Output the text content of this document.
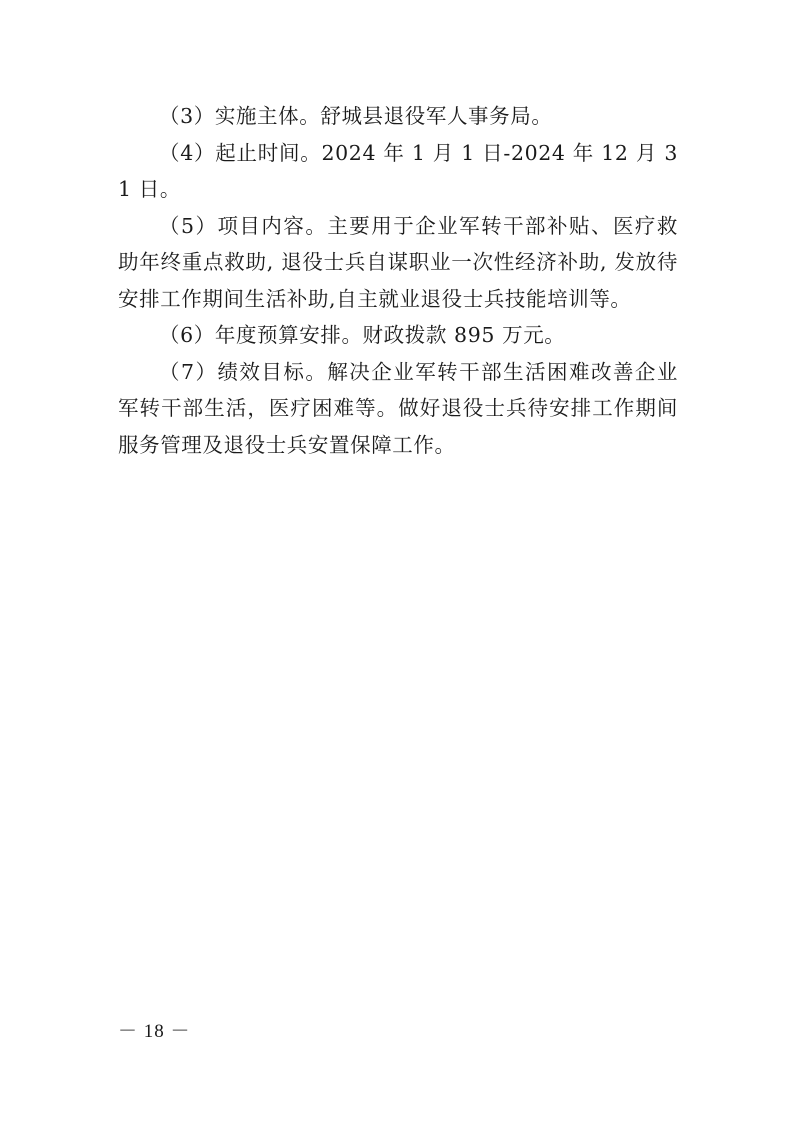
（3）实施主体。舒城县退役军人事务局。

（4）起止时间。2024 年 1 月 1 日-2024 年 12 月 31 日。

（5）项目内容。主要用于企业军转干部补贴、医疗救助年终重点救助, 退役士兵自谋职业一次性经济补助, 发放待安排工作期间生活补助,自主就业退役士兵技能培训等。

（6）年度预算安排。财政拨款 895 万元。

（7）绩效目标。解决企业军转干部生活困难改善企业军转干部生活，医疗困难等。做好退役士兵待安排工作期间服务管理及退役士兵安置保障工作。

－ 18 －
